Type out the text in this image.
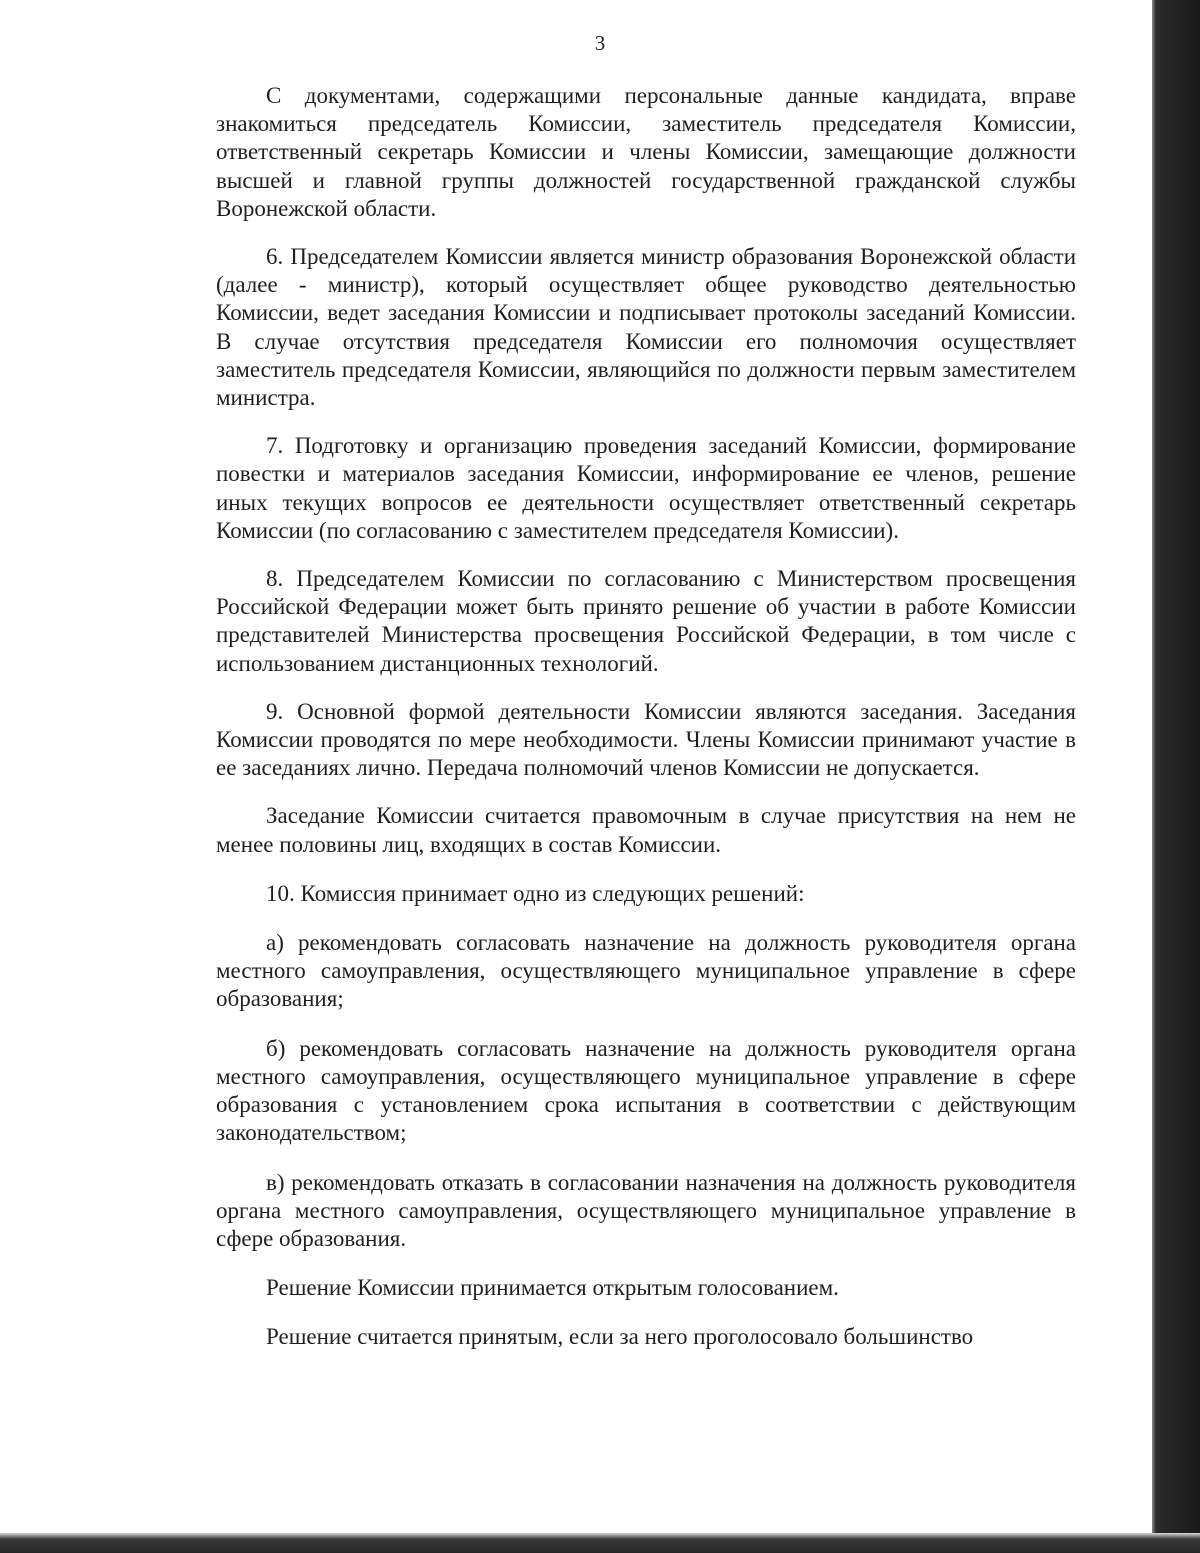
3

С документами, содержащими персональные данные кандидата, вправе знакомиться председатель Комиссии, заместитель председателя Комиссии, ответственный секретарь Комиссии и члены Комиссии, замещающие должности высшей и главной группы должностей государственной гражданской службы Воронежской области.

6. Председателем Комиссии является министр образования Воронежской области (далее - министр), который осуществляет общее руководство деятельностью Комиссии, ведет заседания Комиссии и подписывает протоколы заседаний Комиссии. В случае отсутствия председателя Комиссии его полномочия осуществляет заместитель председателя Комиссии, являющийся по должности первым заместителем министра.

7. Подготовку и организацию проведения заседаний Комиссии, формирование повестки и материалов заседания Комиссии, информирование ее членов, решение иных текущих вопросов ее деятельности осуществляет ответственный секретарь Комиссии (по согласованию с заместителем председателя Комиссии).

8. Председателем Комиссии по согласованию с Министерством просвещения Российской Федерации может быть принято решение об участии в работе Комиссии представителей Министерства просвещения Российской Федерации, в том числе с использованием дистанционных технологий.

9. Основной формой деятельности Комиссии являются заседания. Заседания Комиссии проводятся по мере необходимости. Члены Комиссии принимают участие в ее заседаниях лично. Передача полномочий членов Комиссии не допускается.

Заседание Комиссии считается правомочным в случае присутствия на нем не менее половины лиц, входящих в состав Комиссии.

10. Комиссия принимает одно из следующих решений:

а) рекомендовать согласовать назначение на должность руководителя органа местного самоуправления, осуществляющего муниципальное управление в сфере образования;

б) рекомендовать согласовать назначение на должность руководителя органа местного самоуправления, осуществляющего муниципальное управление в сфере образования с установлением срока испытания в соответствии с действующим законодательством;

в) рекомендовать отказать в согласовании назначения на должность руководителя органа местного самоуправления, осуществляющего муниципальное управление в сфере образования.

Решение Комиссии принимается открытым голосованием.

Решение считается принятым, если за него проголосовало большинство
